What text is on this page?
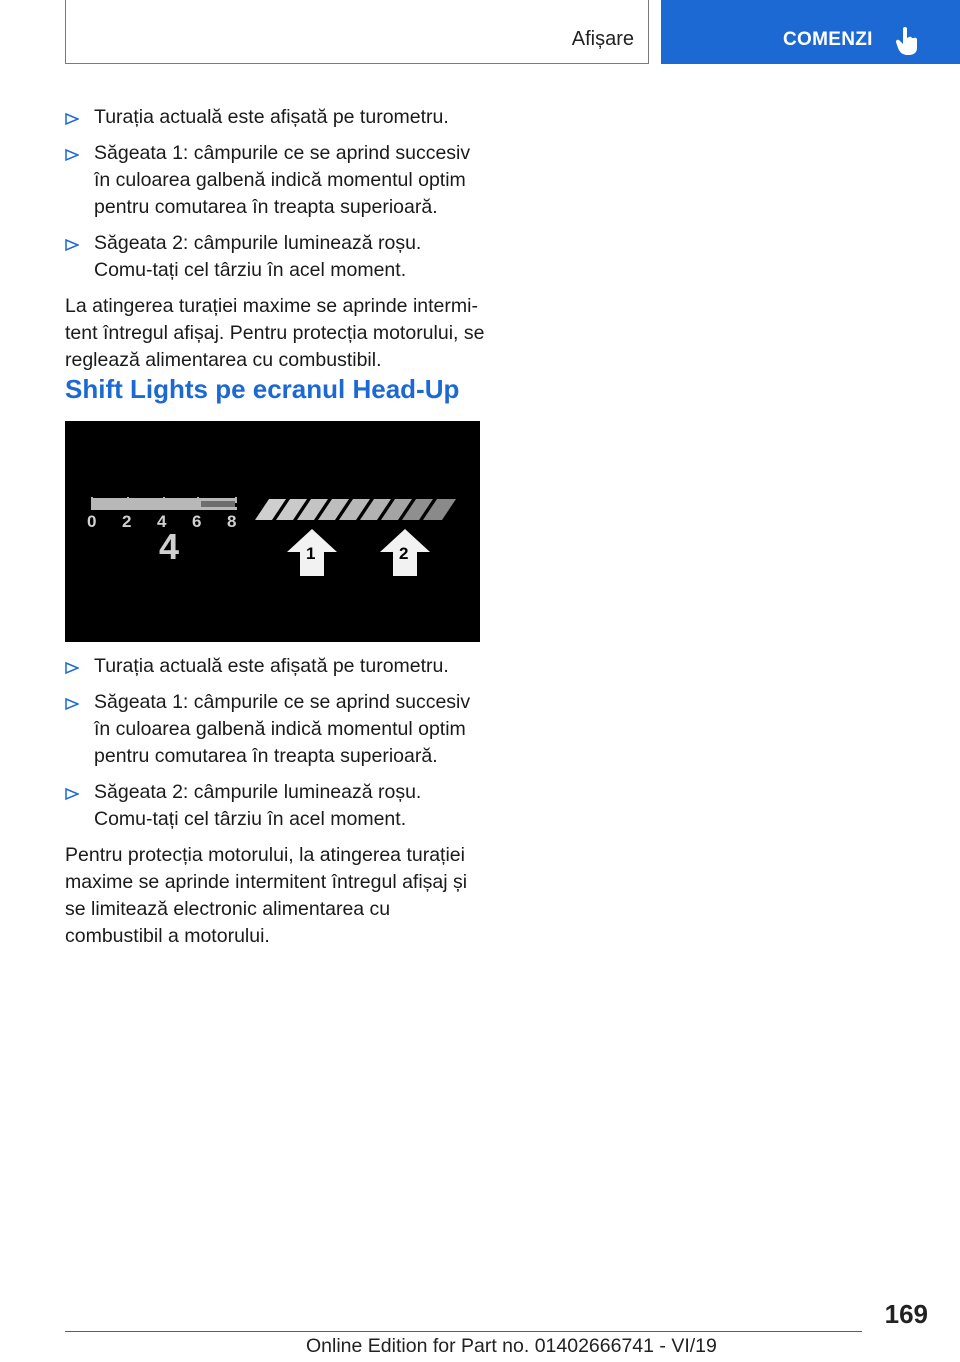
Afișare	COMENZI
Turația actuală este afișată pe turometru.
Săgeata 1: câmpurile ce se aprind succesiv în culoarea galbenă indică momentul optim pentru comutarea în treapta superioară.
Săgeata 2: câmpurile luminează roșu. Comu‐tați cel târziu în acel moment.

La atingerea turației maxime se aprinde intermi‐tent întregul afișaj. Pentru protecția motorului, se reglează alimentarea cu combustibil.

Shift Lights pe ecranul Head-Up
0 2 4 6 8
4	1	2
Turația actuală este afișată pe turometru.
Săgeata 1: câmpurile ce se aprind succesiv în culoarea galbenă indică momentul optim pentru comutarea în treapta superioară.
Săgeata 2: câmpurile luminează roșu. Comu‐tați cel târziu în acel moment.

Pentru protecția motorului, la atingerea turației maxime se aprinde intermitent întregul afișaj și se limitează electronic alimentarea cu combustibil a motorului.

169
Online Edition for Part no. 01402666741 - VI/19
